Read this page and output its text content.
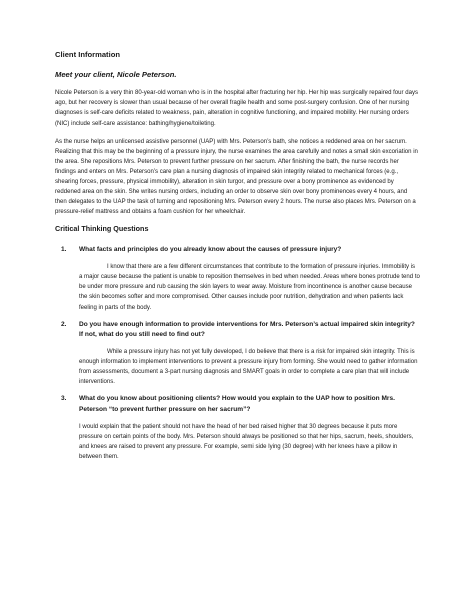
Client Information
Meet your client, Nicole Peterson.

Nicole Peterson is a very thin 80-year-old woman who is in the hospital after fracturing her hip. Her hip was surgically repaired four days ago, but her recovery is slower than usual because of her overall fragile health and some post-surgery confusion. One of her nursing diagnoses is self-care deficits related to weakness, pain, alteration in cognitive functioning, and impaired mobility. Her nursing orders (NIC) include self-care assistance: bathing/hygiene/toileting.

As the nurse helps an unlicensed assistive personnel (UAP) with Mrs. Peterson’s bath, she notices a reddened area on her sacrum. Realizing that this may be the beginning of a pressure injury, the nurse examines the area carefully and notes a small skin excoriation in the area. She repositions Mrs. Peterson to prevent further pressure on her sacrum. After finishing the bath, the nurse records her findings and enters on Mrs. Peterson’s care plan a nursing diagnosis of impaired skin integrity related to mechanical forces (e.g., shearing forces, pressure, physical immobility), alteration in skin turgor, and pressure over a bony prominence as evidenced by reddened area on the skin. She writes nursing orders, including an order to observe skin over bony prominences every 4 hours, and then delegates to the UAP the task of turning and repositioning Mrs. Peterson every 2 hours. The nurse also places Mrs. Peterson on a pressure-relief mattress and obtains a foam cushion for her wheelchair.

Critical Thinking Questions
1.	What facts and principles do you already know about the causes of pressure injury?

I know that there are a few different circumstances that contribute to the formation of pressure injuries. Immobility is a major cause because the patient is unable to reposition themselves in bed when needed. Areas where bones protrude tend to be under more pressure and rub causing the skin layers to wear away. Moisture from incontinence is another cause because the skin becomes softer and more compromised. Other causes include poor nutrition, dehydration and when patients lack feeling in parts of the body.

2.	Do you have enough information to provide interventions for Mrs. Peterson’s actual impaired skin integrity? If not, what do you still need to find out?

While a pressure injury has not yet fully developed, I do believe that there is a risk for impaired skin integrity. This is enough information to implement interventions to prevent a pressure injury from forming. She would need to gather information from assessments, document a 3-part nursing diagnosis and SMART goals in order to complete a care plan that will include interventions.

3.	What do you know about positioning clients? How would you explain to the UAP how to position Mrs. Peterson “to prevent further pressure on her sacrum”?

I would explain that the patient should not have the head of her bed raised higher that 30 degrees because it puts more pressure on certain points of the body. Mrs. Peterson should always be positioned so that her hips, sacrum, heels, shoulders, and knees are raised to prevent any pressure. For example, semi side lying (30 degree) with her knees have a pillow in between them.
